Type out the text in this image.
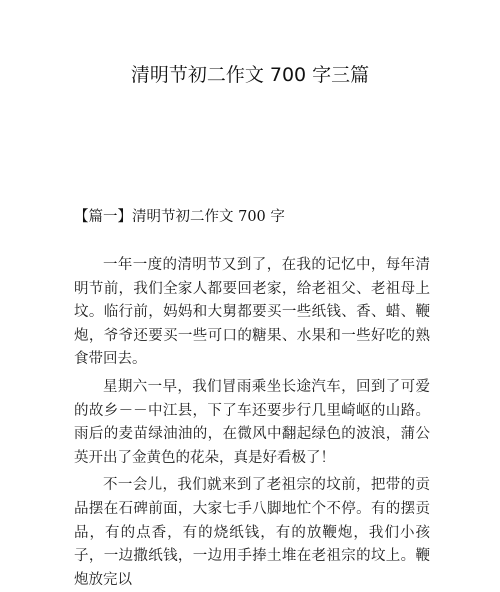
清明节初二作文 700 字三篇
【篇一】清明节初二作文 700 字

一年一度的清明节又到了，在我的记忆中，每年清明节前，我们全家人都要回老家，给老祖父、老祖母上坟。临行前，妈妈和大舅都要买一些纸钱、香、蜡、鞭炮，爷爷还要买一些可口的糖果、水果和一些好吃的熟食带回去。

星期六一早，我们冒雨乘坐长途汽车，回到了可爱的故乡－－中江县，下了车还要步行几里崎岖的山路。雨后的麦苗绿油油的，在微风中翻起绿色的波浪，蒲公英开出了金黄色的花朵，真是好看极了！

不一会儿，我们就来到了老祖宗的坟前，把带的贡品摆在石碑前面，大家七手八脚地忙个不停。有的摆贡品，有的点香，有的烧纸钱，有的放鞭炮，我们小孩子，一边撒纸钱，一边用手捧土堆在老祖宗的坟上。鞭炮放完以
